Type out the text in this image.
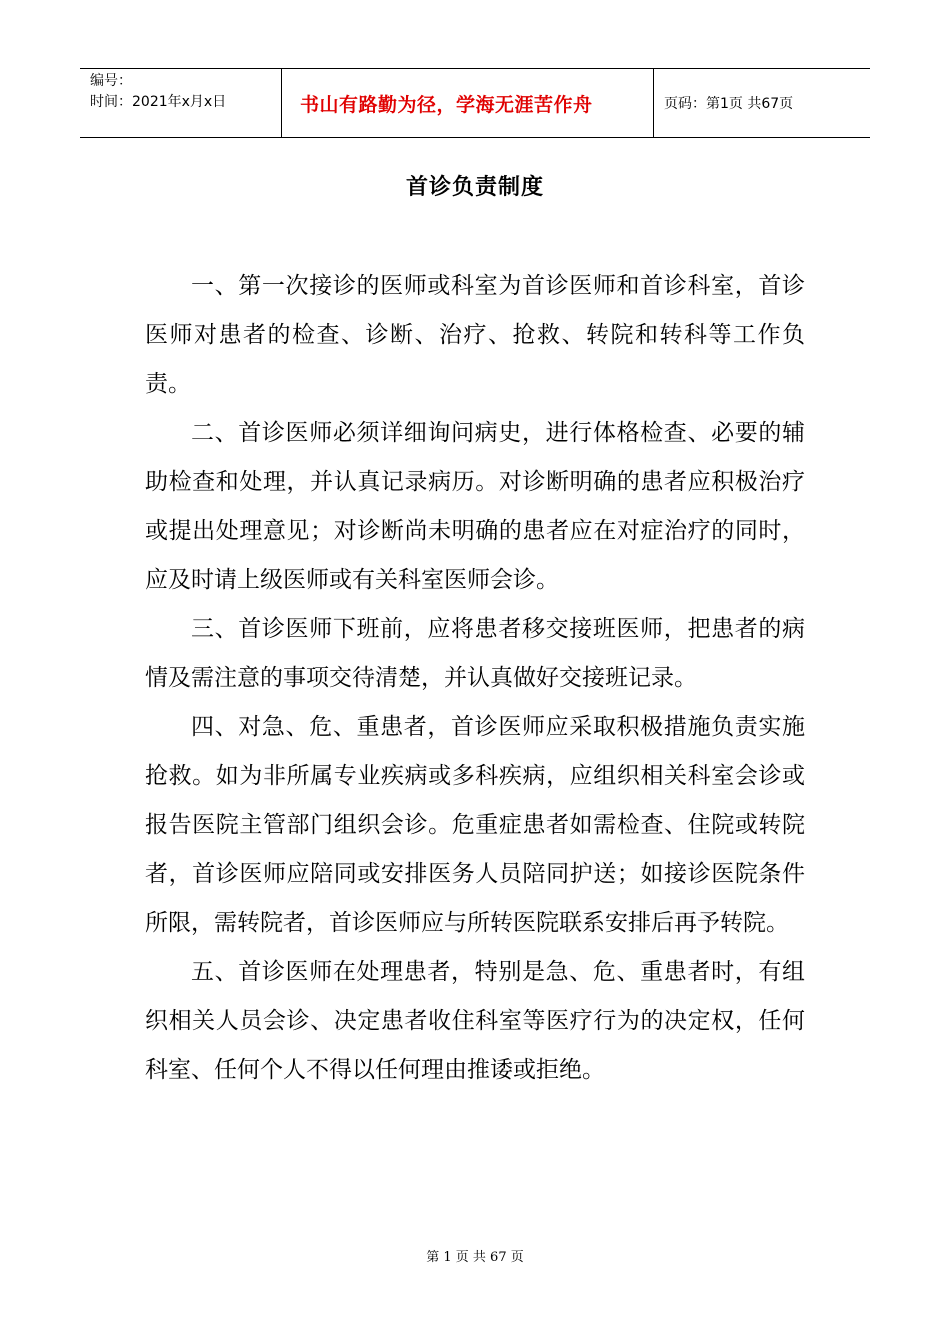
编号：
时间：2021年x月x日	书山有路勤为径，学海无涯苦作舟	页码：第1页 共67页
首诊负责制度

一、第一次接诊的医师或科室为首诊医师和首诊科室，首诊医师对患者的检查、诊断、治疗、抢救、转院和转科等工作负责。

二、首诊医师必须详细询问病史，进行体格检查、必要的辅助检查和处理，并认真记录病历。对诊断明确的患者应积极治疗或提出处理意见；对诊断尚未明确的患者应在对症治疗的同时，应及时请上级医师或有关科室医师会诊。

三、首诊医师下班前，应将患者移交接班医师，把患者的病情及需注意的事项交待清楚，并认真做好交接班记录。

四、对急、危、重患者，首诊医师应采取积极措施负责实施抢救。如为非所属专业疾病或多科疾病，应组织相关科室会诊或报告医院主管部门组织会诊。危重症患者如需检查、住院或转院者，首诊医师应陪同或安排医务人员陪同护送；如接诊医院条件所限，需转院者，首诊医师应与所转医院联系安排后再予转院。

五、首诊医师在处理患者，特别是急、危、重患者时，有组织相关人员会诊、决定患者收住科室等医疗行为的决定权，任何科室、任何个人不得以任何理由推诿或拒绝。

第 1 页 共 67 页
